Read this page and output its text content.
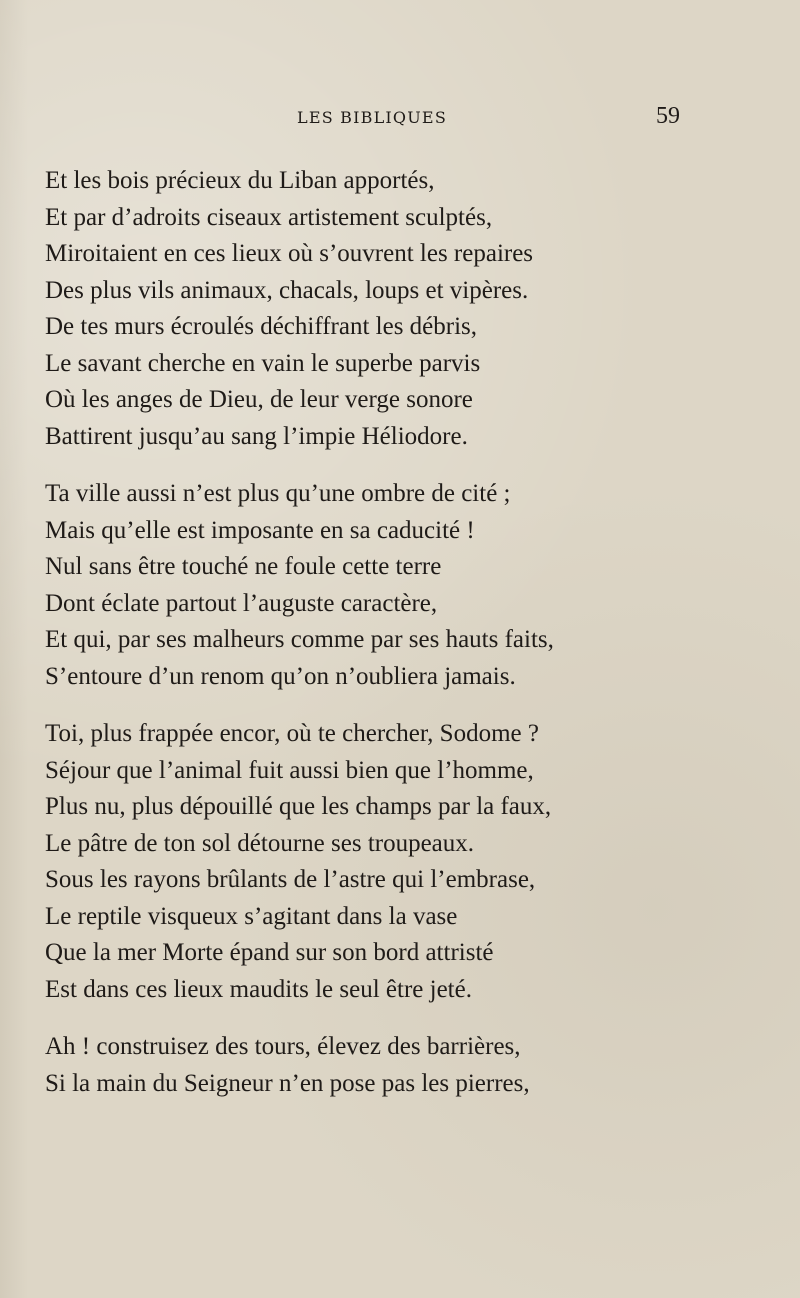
LES BIBLIQUES	59
Et les bois précieux du Liban apportés,
Et par d’adroits ciseaux artistement sculptés,
Miroitaient en ces lieux où s’ouvrent les repaires
Des plus vils animaux, chacals, loups et vipères.
De tes murs écroulés déchiffrant les débris,
Le savant cherche en vain le superbe parvis
Où les anges de Dieu, de leur verge sonore
Battirent jusqu’au sang l’impie Héliodore.
Ta ville aussi n’est plus qu’une ombre de cité ;
Mais qu’elle est imposante en sa caducité !
Nul sans être touché ne foule cette terre
Dont éclate partout l’auguste caractère,
Et qui, par ses malheurs comme par ses hauts faits,
S’entoure d’un renom qu’on n’oubliera jamais.
Toi, plus frappée encor, où te chercher, Sodome ?
Séjour que l’animal fuit aussi bien que l’homme,
Plus nu, plus dépouillé que les champs par la faux,
Le pâtre de ton sol détourne ses troupeaux.
Sous les rayons brûlants de l’astre qui l’embrase,
Le reptile visqueux s’agitant dans la vase
Que la mer Morte épand sur son bord attristé
Est dans ces lieux maudits le seul être jeté.
Ah ! construisez des tours, élevez des barrières,
Si la main du Seigneur n’en pose pas les pierres,
